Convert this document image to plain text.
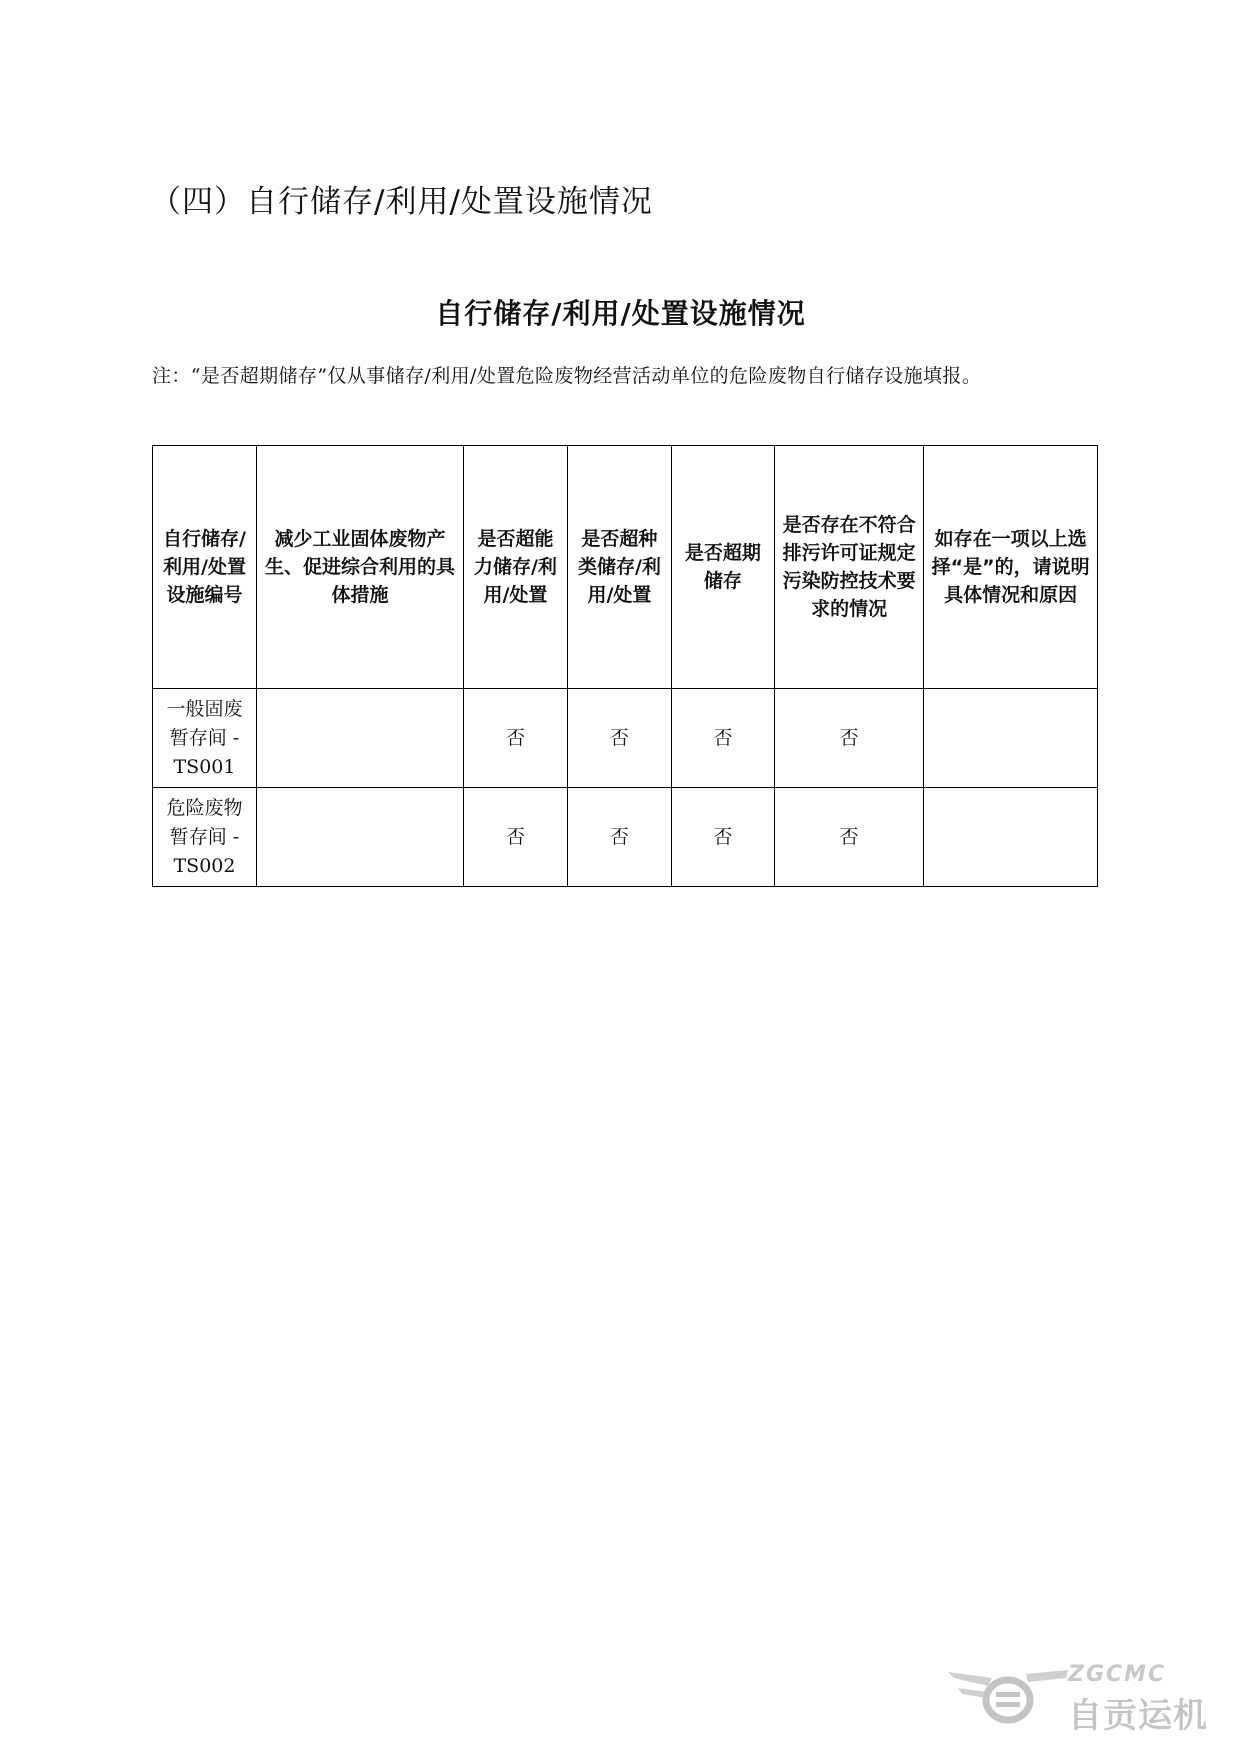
（四）自行储存/利用/处置设施情况
自行储存/利用/处置设施情况

注：“是否超期储存”仅从事储存/利用/处置危险废物经营活动单位的危险废物自行储存设施填报。

自行储存/利用/处置设施编号	减少工业固体废物产生、促进综合利用的具体措施	是否超能力储存/利用/处置	是否超种类储存/利用/处置	是否超期储存	是否存在不符合排污许可证规定污染防控技术要求的情况	如存在一项以上选择“是”的，请说明具体情况和原因
一般固废暂存间 -TS001		否	否	否	否	
危险废物暂存间 -TS002		否	否	否	否	
ZGCMC
自贡运机
